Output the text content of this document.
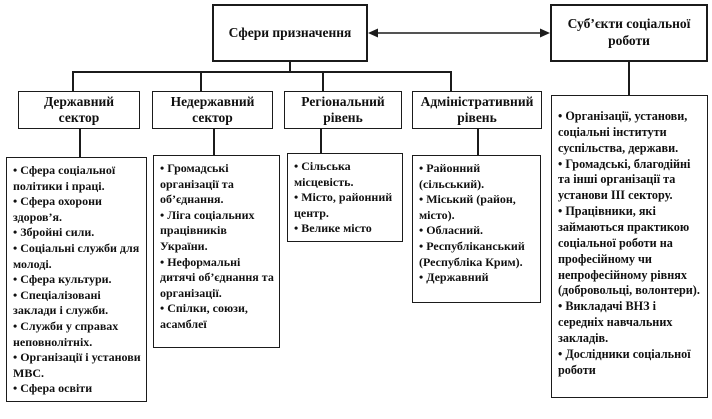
Сфери призначення
Суб’єкти соціальної роботи
Державний сектор
Недержавний сектор
Регіональний рівень
Адміністративний рівень
• Сфера соціальної політики і праці.
• Сфера охорони здоров’я.
• Збройні сили.
• Соціальні служби для молоді.
• Сфера культури.
• Спеціалізовані заклади і служби.
• Служби у справах неповнолітніх.
• Організації і установи МВС.
• Сфера освіти
• Громадські організації та об’єднання.
• Ліга соціальних працівників України.
• Неформальні дитячі об’єднання та організації.
• Спілки, союзи, асамблеї
• Сільська місцевість.
• Місто, районний центр.
• Велике місто
• Районний (сільський).
• Міський (район, місто).
• Обласний.
• Республіканський (Республіка Крим).
• Державний
• Організації, установи, соціальні інститути суспільства, держави.
• Громадські, благодійні та інші організації та установи III сектору.
• Працівники, які займаються практикою соціальної роботи на професійному чи непрофесійному рівнях (добровольці, волонтери).
• Викладачі ВНЗ і середніх навчальних закладів.
• Дослідники соціальної роботи
